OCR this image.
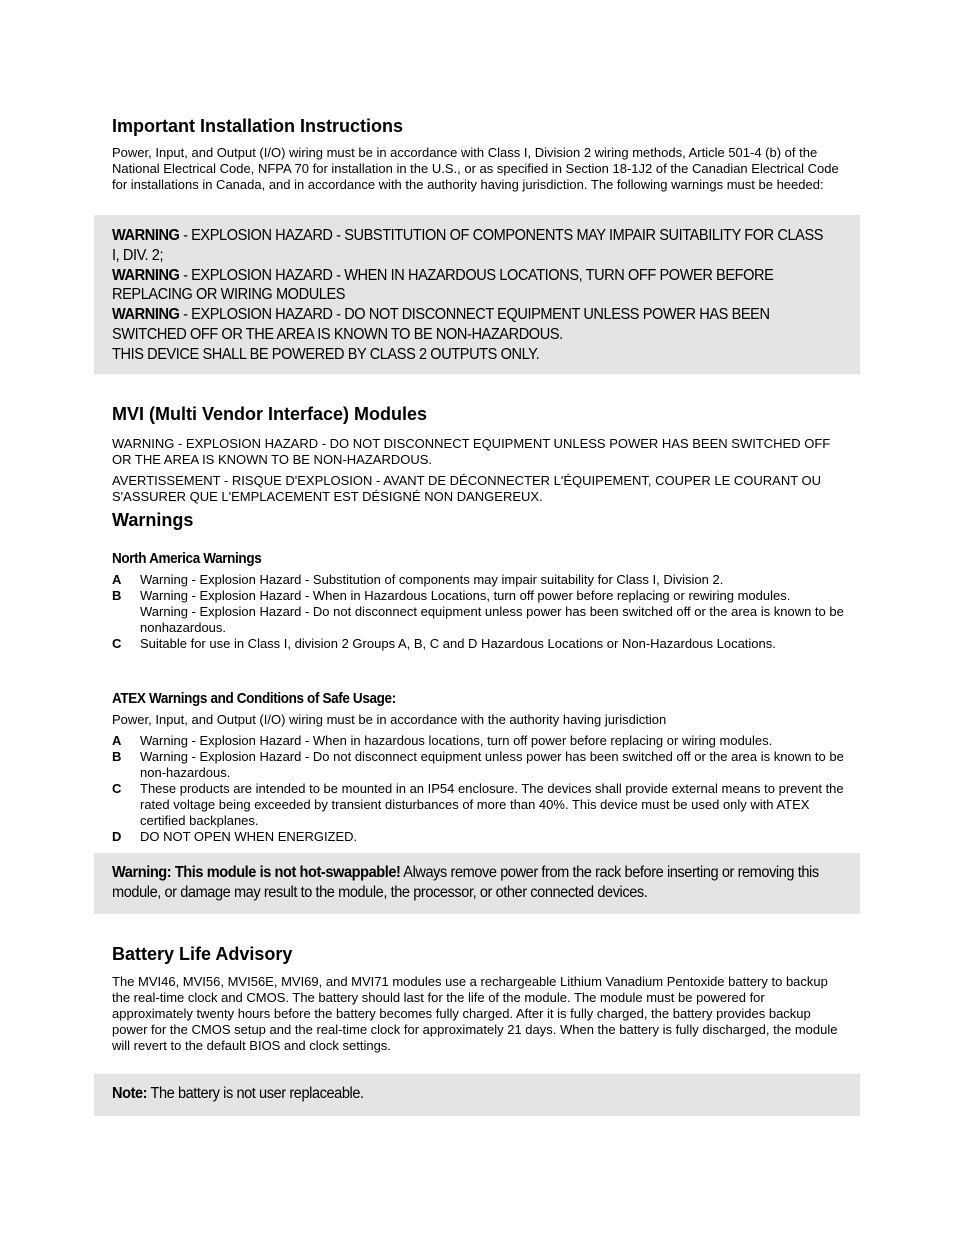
Important Installation Instructions

Power, Input, and Output (I/O) wiring must be in accordance with Class I, Division 2 wiring methods, Article 501-4 (b) of the National Electrical Code, NFPA 70 for installation in the U.S., or as specified in Section 18-1J2 of the Canadian Electrical Code for installations in Canada, and in accordance with the authority having jurisdiction. The following warnings must be heeded:

WARNING - EXPLOSION HAZARD - SUBSTITUTION OF COMPONENTS MAY IMPAIR SUITABILITY FOR CLASS I, DIV. 2;
WARNING - EXPLOSION HAZARD - WHEN IN HAZARDOUS LOCATIONS, TURN OFF POWER BEFORE REPLACING OR WIRING MODULES
WARNING - EXPLOSION HAZARD - DO NOT DISCONNECT EQUIPMENT UNLESS POWER HAS BEEN SWITCHED OFF OR THE AREA IS KNOWN TO BE NON-HAZARDOUS.
THIS DEVICE SHALL BE POWERED BY CLASS 2 OUTPUTS ONLY.
MVI (Multi Vendor Interface) Modules

WARNING - EXPLOSION HAZARD - DO NOT DISCONNECT EQUIPMENT UNLESS POWER HAS BEEN SWITCHED OFF OR THE AREA IS KNOWN TO BE NON-HAZARDOUS.

AVERTISSEMENT - RISQUE D'EXPLOSION - AVANT DE DÉCONNECTER L'ÉQUIPEMENT, COUPER LE COURANT OU S'ASSURER QUE L'EMPLACEMENT EST DÉSIGNÉ NON DANGEREUX.

Warnings
North America Warnings
A Warning - Explosion Hazard - Substitution of components may impair suitability for Class I, Division 2.
B Warning - Explosion Hazard - When in Hazardous Locations, turn off power before replacing or rewiring modules.
Warning - Explosion Hazard - Do not disconnect equipment unless power has been switched off or the area is known to be nonhazardous.
C Suitable for use in Class I, division 2 Groups A, B, C and D Hazardous Locations or Non-Hazardous Locations.
ATEX Warnings and Conditions of Safe Usage:

Power, Input, and Output (I/O) wiring must be in accordance with the authority having jurisdiction

A Warning - Explosion Hazard - When in hazardous locations, turn off power before replacing or wiring modules.
B Warning - Explosion Hazard - Do not disconnect equipment unless power has been switched off or the area is known to be non-hazardous.
C These products are intended to be mounted in an IP54 enclosure. The devices shall provide external means to prevent the rated voltage being exceeded by transient disturbances of more than 40%. This device must be used only with ATEX certified backplanes.
D DO NOT OPEN WHEN ENERGIZED.
Warning: This module is not hot-swappable! Always remove power from the rack before inserting or removing this module, or damage may result to the module, the processor, or other connected devices.
Battery Life Advisory

The MVI46, MVI56, MVI56E, MVI69, and MVI71 modules use a rechargeable Lithium Vanadium Pentoxide battery to backup the real-time clock and CMOS. The battery should last for the life of the module. The module must be powered for approximately twenty hours before the battery becomes fully charged. After it is fully charged, the battery provides backup power for the CMOS setup and the real-time clock for approximately 21 days. When the battery is fully discharged, the module will revert to the default BIOS and clock settings.

Note: The battery is not user replaceable.
